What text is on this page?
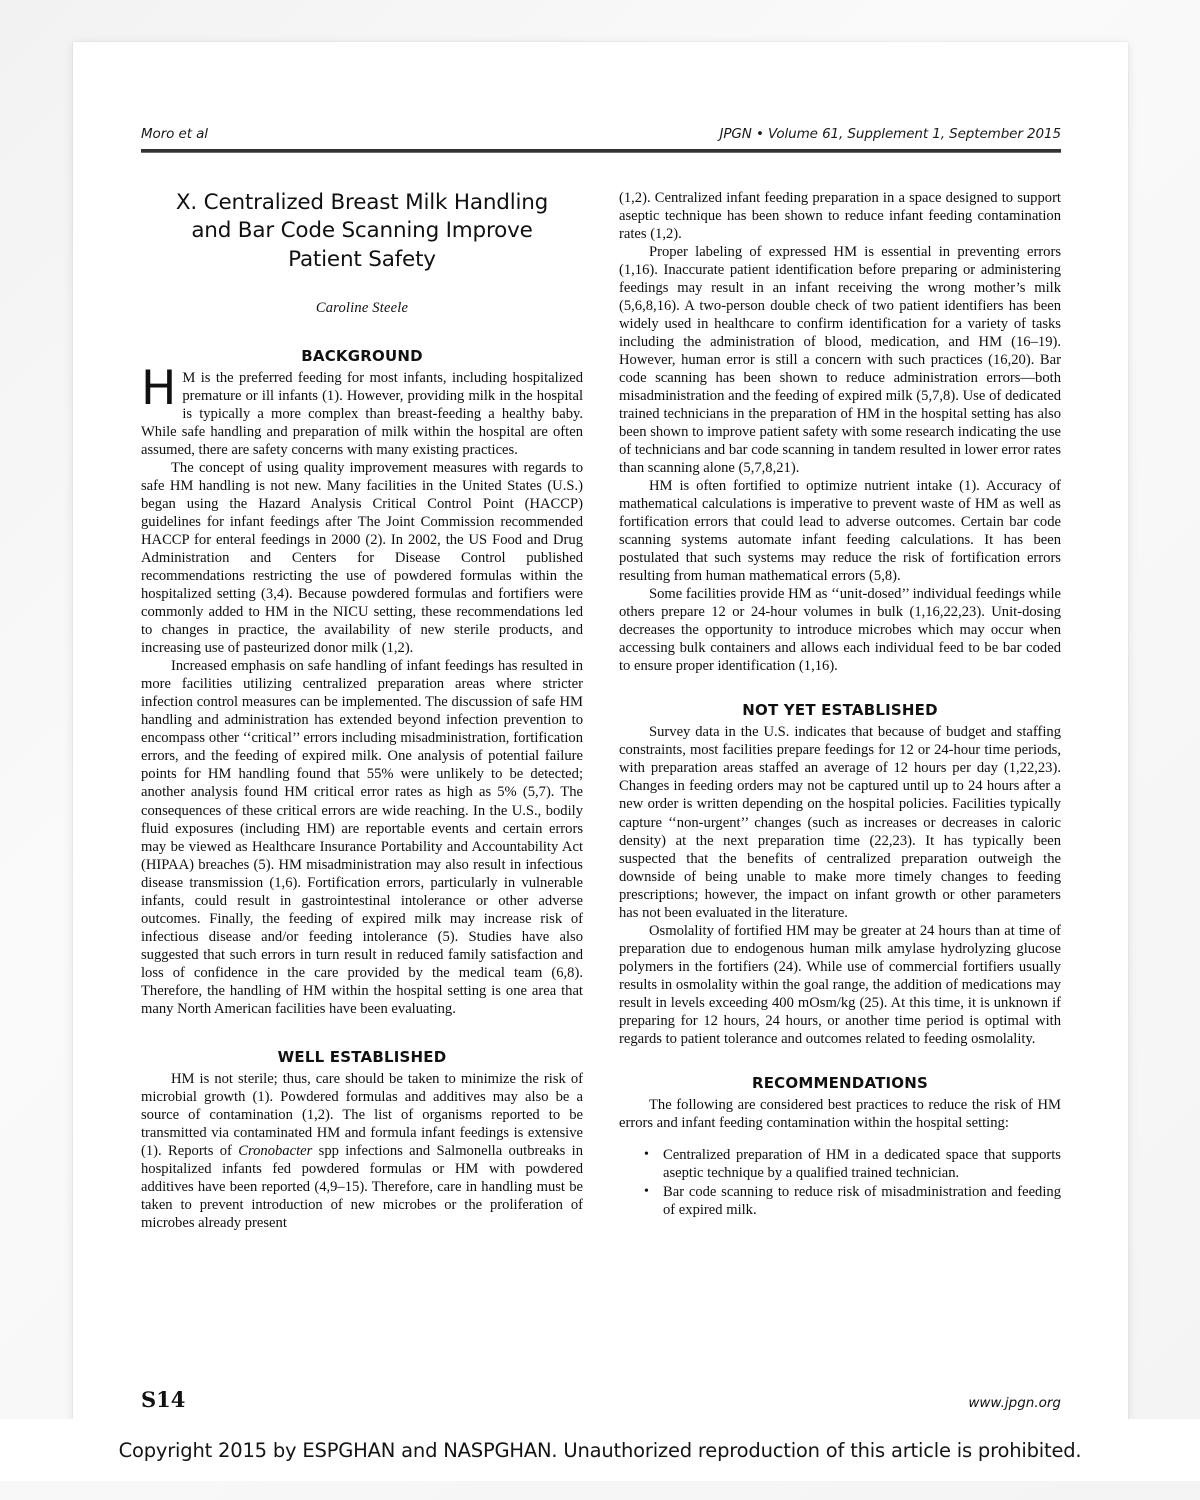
Moro et al	JPGN • Volume 61, Supplement 1, September 2015
X. Centralized Breast Milk Handling and Bar Code Scanning Improve Patient Safety
Caroline Steele
BACKGROUND

H M is the preferred feeding for most infants, including hospitalized premature or ill infants (1). However, providing milk in the hospital is typically a more complex than breast-feeding a healthy baby. While safe handling and preparation of milk within the hospital are often assumed, there are safety concerns with many existing practices.

The concept of using quality improvement measures with regards to safe HM handling is not new. Many facilities in the United States (U.S.) began using the Hazard Analysis Critical Control Point (HACCP) guidelines for infant feedings after The Joint Commission recommended HACCP for enteral feedings in 2000 (2). In 2002, the US Food and Drug Administration and Centers for Disease Control published recommendations restricting the use of powdered formulas within the hospitalized setting (3,4). Because powdered formulas and fortifiers were commonly added to HM in the NICU setting, these recommendations led to changes in practice, the availability of new sterile products, and increasing use of pasteurized donor milk (1,2).

Increased emphasis on safe handling of infant feedings has resulted in more facilities utilizing centralized preparation areas where stricter infection control measures can be implemented. The discussion of safe HM handling and administration has extended beyond infection prevention to encompass other ‘‘critical’’ errors including misadministration, fortification errors, and the feeding of expired milk. One analysis of potential failure points for HM handling found that 55% were unlikely to be detected; another analysis found HM critical error rates as high as 5% (5,7). The consequences of these critical errors are wide reaching. In the U.S., bodily fluid exposures (including HM) are reportable events and certain errors may be viewed as Healthcare Insurance Portability and Accountability Act (HIPAA) breaches (5). HM misadministration may also result in infectious disease transmission (1,6). Fortification errors, particularly in vulnerable infants, could result in gastrointestinal intolerance or other adverse outcomes. Finally, the feeding of expired milk may increase risk of infectious disease and/or feeding intolerance (5). Studies have also suggested that such errors in turn result in reduced family satisfaction and loss of confidence in the care provided by the medical team (6,8). Therefore, the handling of HM within the hospital setting is one area that many North American facilities have been evaluating.

WELL ESTABLISHED

HM is not sterile; thus, care should be taken to minimize the risk of microbial growth (1). Powdered formulas and additives may also be a source of contamination (1,2). The list of organisms reported to be transmitted via contaminated HM and formula infant feedings is extensive (1). Reports of Cronobacter spp infections and Salmonella outbreaks in hospitalized infants fed powdered formulas or HM with powdered additives have been reported (4,9–15). Therefore, care in handling must be taken to prevent introduction of new microbes or the proliferation of microbes already present

(1,2). Centralized infant feeding preparation in a space designed to support aseptic technique has been shown to reduce infant feeding contamination rates (1,2).

Proper labeling of expressed HM is essential in preventing errors (1,16). Inaccurate patient identification before preparing or administering feedings may result in an infant receiving the wrong mother’s milk (5,6,8,16). A two-person double check of two patient identifiers has been widely used in healthcare to confirm identification for a variety of tasks including the administration of blood, medication, and HM (16–19). However, human error is still a concern with such practices (16,20). Bar code scanning has been shown to reduce administration errors—both misadministration and the feeding of expired milk (5,7,8). Use of dedicated trained technicians in the preparation of HM in the hospital setting has also been shown to improve patient safety with some research indicating the use of technicians and bar code scanning in tandem resulted in lower error rates than scanning alone (5,7,8,21).

HM is often fortified to optimize nutrient intake (1). Accuracy of mathematical calculations is imperative to prevent waste of HM as well as fortification errors that could lead to adverse outcomes. Certain bar code scanning systems automate infant feeding calculations. It has been postulated that such systems may reduce the risk of fortification errors resulting from human mathematical errors (5,8).

Some facilities provide HM as ‘‘unit-dosed’’ individual feedings while others prepare 12 or 24-hour volumes in bulk (1,16,22,23). Unit-dosing decreases the opportunity to introduce microbes which may occur when accessing bulk containers and allows each individual feed to be bar coded to ensure proper identification (1,16).

NOT YET ESTABLISHED

Survey data in the U.S. indicates that because of budget and staffing constraints, most facilities prepare feedings for 12 or 24-hour time periods, with preparation areas staffed an average of 12 hours per day (1,22,23). Changes in feeding orders may not be captured until up to 24 hours after a new order is written depending on the hospital policies. Facilities typically capture ‘‘non-urgent’’ changes (such as increases or decreases in caloric density) at the next preparation time (22,23). It has typically been suspected that the benefits of centralized preparation outweigh the downside of being unable to make more timely changes to feeding prescriptions; however, the impact on infant growth or other parameters has not been evaluated in the literature.

Osmolality of fortified HM may be greater at 24 hours than at time of preparation due to endogenous human milk amylase hydrolyzing glucose polymers in the fortifiers (24). While use of commercial fortifiers usually results in osmolality within the goal range, the addition of medications may result in levels exceeding 400 mOsm/kg (25). At this time, it is unknown if preparing for 12 hours, 24 hours, or another time period is optimal with regards to patient tolerance and outcomes related to feeding osmolality.

RECOMMENDATIONS

The following are considered best practices to reduce the risk of HM errors and infant feeding contamination within the hospital setting:

• Centralized preparation of HM in a dedicated space that supports aseptic technique by a qualified trained technician.
• Bar code scanning to reduce risk of misadministration and feeding of expired milk.
S14	www.jpgn.org
Copyright 2015 by ESPGHAN and NASPGHAN. Unauthorized reproduction of this article is prohibited.
